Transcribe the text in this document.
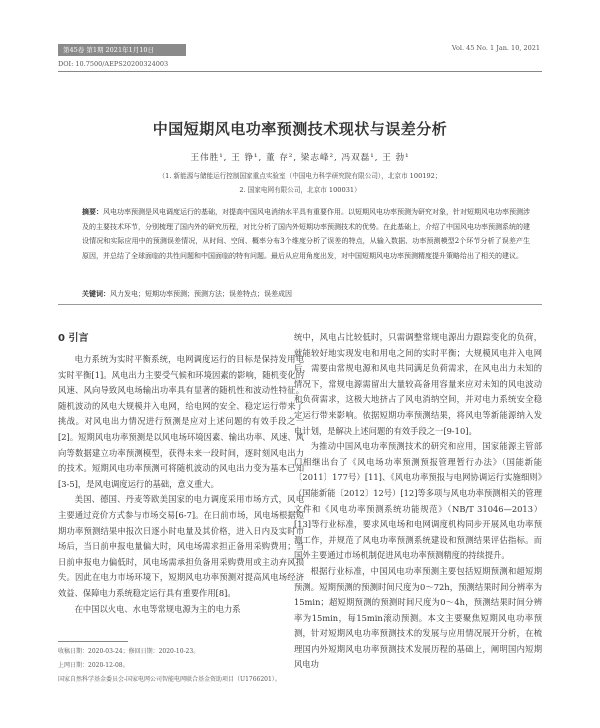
第45卷 第1期 2021年1月10日	Vol. 45 No. 1 Jan. 10, 2021
DOI: 10.7500/AEPS20200324003
中国短期风电功率预测技术现状与误差分析
王伟胜¹, 王 铮¹, 董 存², 梁志峰², 冯双磊¹, 王 勃¹
（1. 新能源与储能运行控制国家重点实验室（中国电力科学研究院有限公司），北京市 100192；
2. 国家电网有限公司，北京市 100031）
摘要：风电功率预测是风电调度运行的基础，对提高中国风电消纳水平具有重要作用。以短期风电功率预测为研究对象，针对短期风电功率预测涉及的主要技术环节，分别梳理了国内外的研究历程，对比分析了国内外短期功率预测技术的优势。在此基础上，介绍了中国风电功率预测系统的建设情况和实际应用中的预测误差情况，从时间、空间、概率分布3个维度分析了误差的特点，从输入数据、功率预测模型2个环节分析了误差产生原因，并总结了全球面临的共性问题和中国面临的特有问题。最后从应用角度出发，对中国短期风电功率预测精度提升策略给出了相关的建议。
关键词：风力发电；短期功率预测；预测方法；误差特点；误差成因
0 引言

电力系统为实时平衡系统，电网调度运行的目标是保持发用电实时平衡[1]。风电出力主要受气候和环境因素的影响，随机变化的风速、风向导致风电场输出功率具有显著的随机性和波动性特征。随机波动的风电大规模并入电网，给电网的安全、稳定运行带来了挑战。对风电出力情况进行预测是应对上述问题的有效手段之一[2]。短期风电功率预测是以风电场环境因素、输出功率、风速、风向等数据建立功率预测模型，获得未来一段时间，逐时刻风电出力的技术。短期风电功率预测可将随机波动的风电出力变为基本已知[3-5]，是风电调度运行的基础，意义重大。

美国、德国、丹麦等欧美国家的电力调度采用市场方式，风电主要通过竞价方式参与市场交易[6-7]。在日前市场，风电场根据短期功率预测结果申报次日逐小时电量及其价格，进入日内及实时市场后，当日前申报电量偏大时，风电场需求担正备用采购费用；当日前申报电力偏低时，风电场需承担负备用采购费用或主动弃风损失。因此在电力市场环境下，短期风电功率预测对提高风电场经济效益、保障电力系统稳定运行具有重要作用[8]。

在中国以火电、水电等常规电源为主的电力系

统中，风电占比较低时，只需调整常规电源出力跟踪变化的负荷，就能较好地实现发电和用电之间的实时平衡；大规模风电并入电网后，需要由常规电源和风电共同满足负荷需求，在风电出力未知的情况下，常规电源需留出大量较高备用容量来应对未知的风电波动和负荷需求，这极大地挤占了风电消纳空间，并对电力系统安全稳定运行带来影响。依据短期功率预测结果，将风电等新能源纳入发电计划，是解决上述问题的有效手段之一[9-10]。

为推动中国风电功率预测技术的研究和应用，国家能源主管部门相继出台了《风电场功率预测预报管理暂行办法》（国能新能〔2011〕177号）[11]、《风电功率预报与电网协调运行实施细则》（国能新能〔2012〕12号）[12]等多项与风电功率预测相关的管理文件和《风电功率预测系统功能规范》（NB/T 31046—2013）[13]等行业标准，要求风电场和电网调度机构同步开展风电功率预测工作，并规范了风电功率预测系统建设和预测结果评估指标。而国外主要通过市场机制促进风电功率预测精度的持续提升。

根据行业标准，中国风电功率预测主要包括短期预测和超短期预测。短期预测的预测时间尺度为0～72h，预测结果时间分辨率为15min；超短期预测的预测时间尺度为0～4h，预测结果时间分辨率为15min，每15min滚动预测。本文主要聚焦短期风电功率预测，针对短期风电功率预测技术的发展与应用情况展开分析，在梳理国内外短期风电功率预测技术发展历程的基础上，阐明国内短期风电功

收稿日期：2020-03-24；修回日期：2020-10-23。
上网日期：2020-12-08。
国家自然科学基金委员会-国家电网公司智能电网联合基金资助项目（U1766201）。
